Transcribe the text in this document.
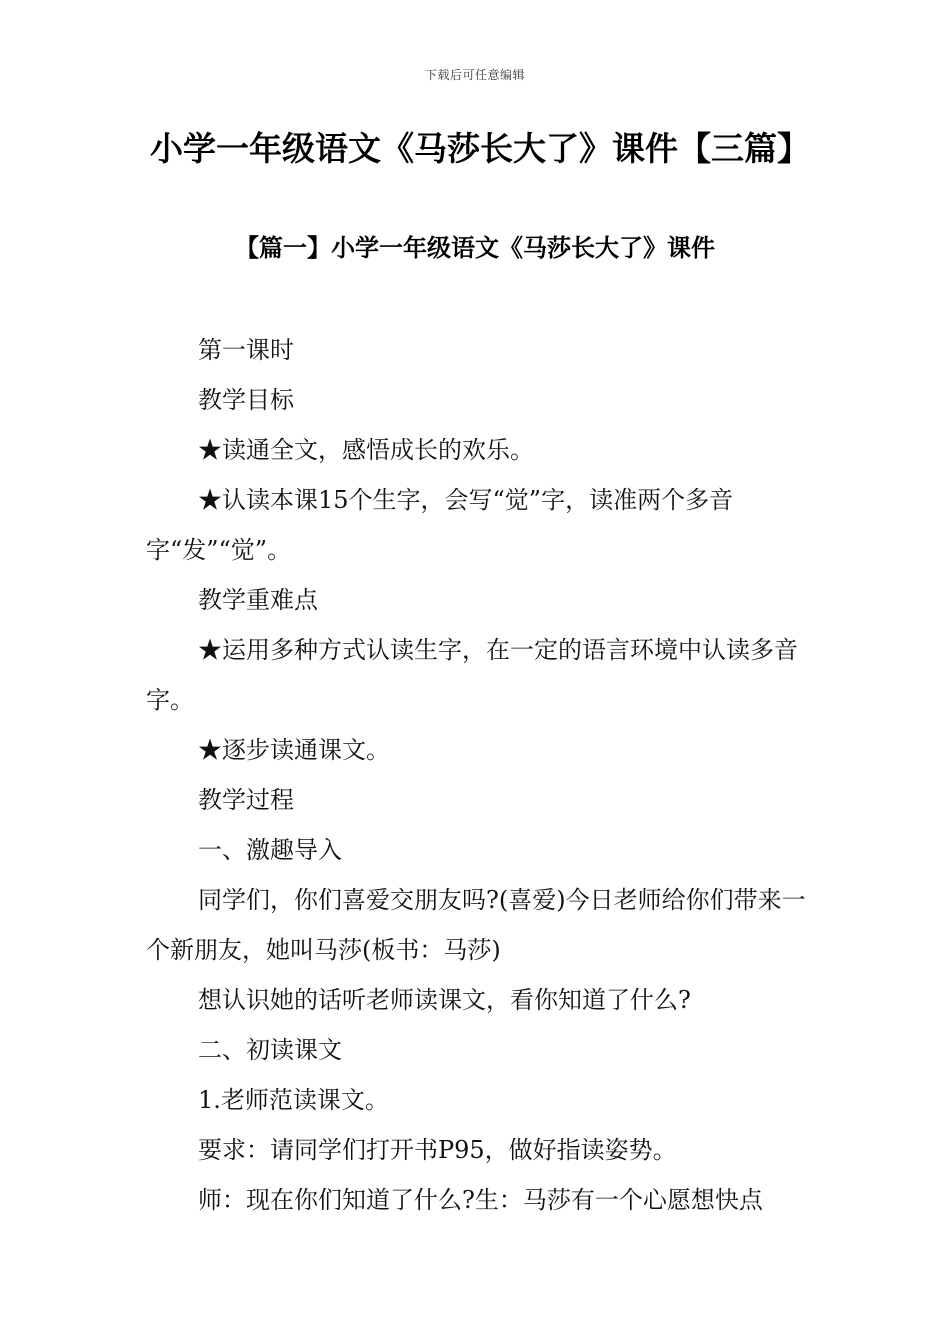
下载后可任意编辑
小学一年级语文《马莎长大了》课件【三篇】
【篇一】小学一年级语文《马莎长大了》课件

第一课时

教学目标

★读通全文，感悟成长的欢乐。

★认读本课15个生字，会写“觉”字，读准两个多音字“发”“觉”。

教学重难点

★运用多种方式认读生字，在一定的语言环境中认读多音字。

★逐步读通课文。

教学过程

一、激趣导入

同学们，你们喜爱交朋友吗?(喜爱)今日老师给你们带来一个新朋友，她叫马莎(板书：马莎)

想认识她的话听老师读课文，看你知道了什么?

二、初读课文

1.老师范读课文。

要求：请同学们打开书P95，做好指读姿势。

师：现在你们知道了什么?生：马莎有一个心愿想快点
